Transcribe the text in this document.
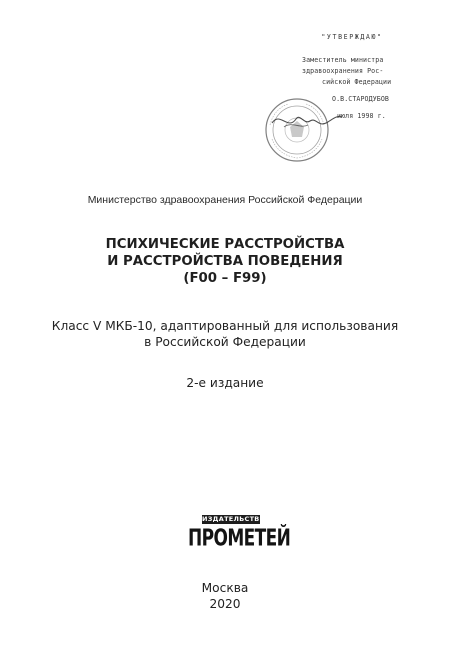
"УТВЕРЖДАЮ"
Заместитель министра
здравоохранения Рос-
сийской Федерации
О.В.СТАРОДУБОВ
июля 1998 г.
Министерство здравоохранения Российской Федерации
ПСИХИЧЕСКИЕ РАССТРОЙСТВА
И РАССТРОЙСТВА ПОВЕДЕНИЯ
(F00 – F99)
Класс V МКБ-10, адаптированный для использования
в Российской Федерации
2-е издание
ИЗДАТЕЛЬСТВО
ПРОМЕТЕЙ
Москва
2020
